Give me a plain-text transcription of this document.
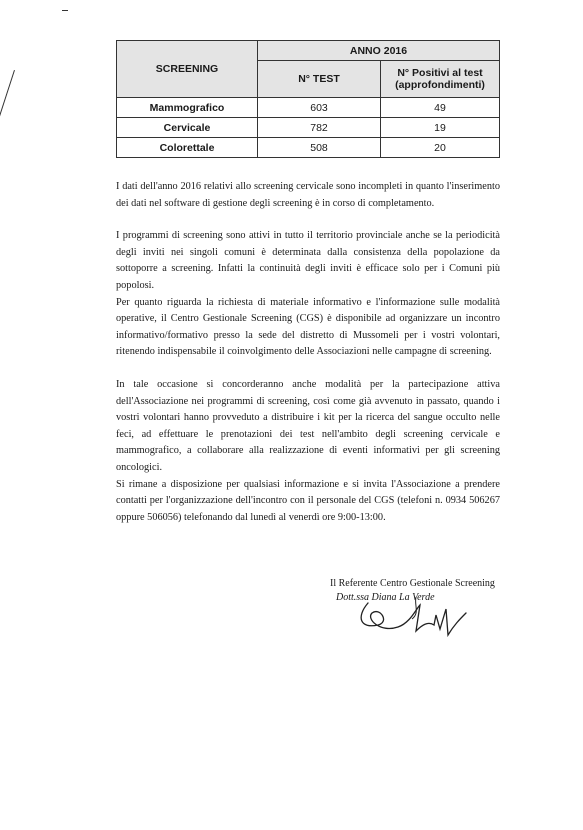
SCREENING	ANNO 2016	
	N° TEST	N° Positivi al test (approfondimenti)
Mammografico	603	49
Cervicale	782	19
Colorettale	508	20

I dati dell'anno 2016 relativi allo screening cervicale sono incompleti in quanto l'inserimento dei dati nel software di gestione degli screening è in corso di completamento.

I programmi di screening sono attivi in tutto il territorio provinciale anche se la periodicità degli inviti nei singoli comuni è determinata dalla consistenza della popolazione da sottoporre a screening. Infatti la continuità degli inviti è efficace solo per i Comuni più popolosi.

Per quanto riguarda la richiesta di materiale informativo e l'informazione sulle modalità operative, il Centro Gestionale Screening (CGS) è disponibile ad organizzare un incontro informativo/formativo presso la sede del distretto di Mussomeli per i vostri volontari, ritenendo indispensabile il coinvolgimento delle Associazioni nelle campagne di screening.

In tale occasione si concorderanno anche modalità per la partecipazione attiva dell'Associazione nei programmi di screening, così come già avvenuto in passato, quando i vostri volontari hanno provveduto a distribuire i kit per la ricerca del sangue occulto nelle feci, ad effettuare le prenotazioni dei test nell'ambito degli screening cervicale e mammografico, a collaborare alla realizzazione di eventi informativi per gli screening oncologici.

Si rimane a disposizione per qualsiasi informazione e si invita l'Associazione a prendere contatti per l'organizzazione dell'incontro con il personale del CGS (telefoni n. 0934 506267 oppure 506056) telefonando dal lunedì al venerdì ore 9:00-13:00.

Il Referente Centro Gestionale Screening
Dott.ssa Diana La Verde
